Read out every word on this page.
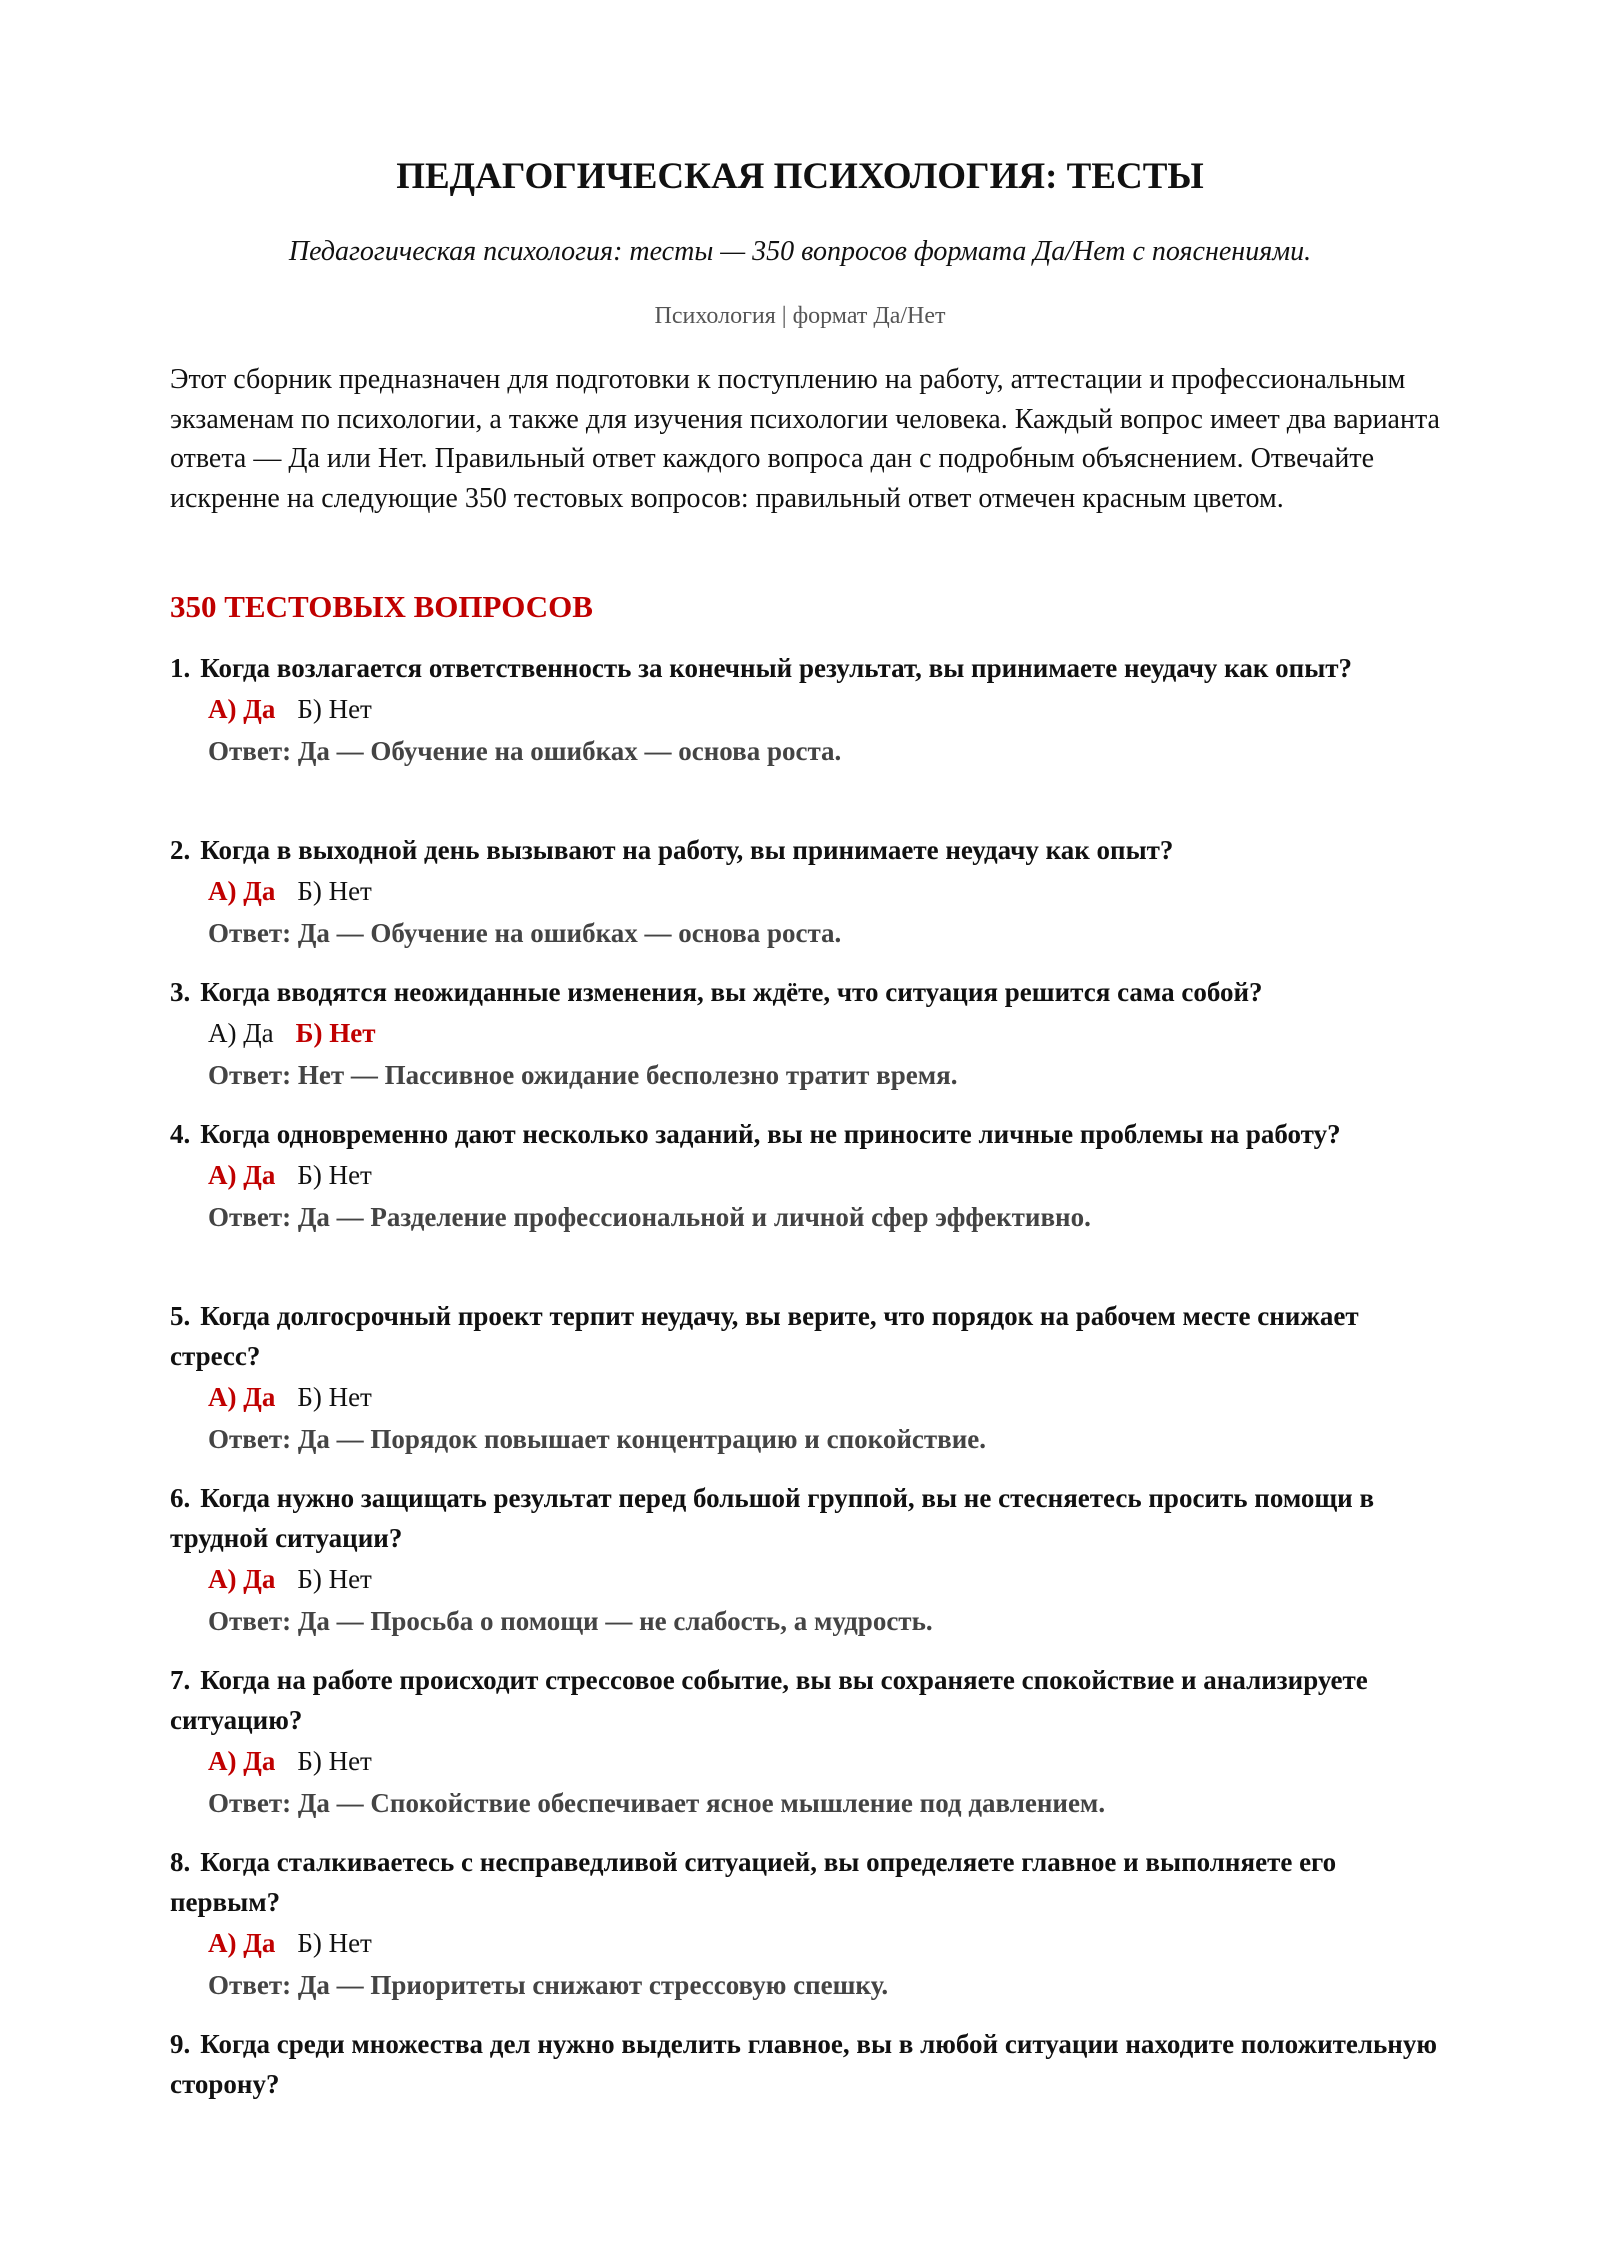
ПЕДАГОГИЧЕСКАЯ ПСИХОЛОГИЯ: ТЕСТЫ

Педагогическая психология: тесты — 350 вопросов формата Да/Нет с пояснениями.

Психология | формат Да/Нет

Этот сборник предназначен для подготовки к поступлению на работу, аттестации и профессиональным экзаменам по психологии, а также для изучения психологии человека. Каждый вопрос имеет два варианта ответа — Да или Нет. Правильный ответ каждого вопроса дан с подробным объяснением. Отвечайте искренне на следующие 350 тестовых вопросов: правильный ответ отмечен красным цветом.

350 ТЕСТОВЫХ ВОПРОСОВ

1. Когда возлагается ответственность за конечный результат, вы принимаете неудачу как опыт?

А) Да Б) Нет

Ответ: Да — Обучение на ошибках — основа роста.

2. Когда в выходной день вызывают на работу, вы принимаете неудачу как опыт?

А) Да Б) Нет

Ответ: Да — Обучение на ошибках — основа роста.

3. Когда вводятся неожиданные изменения, вы ждёте, что ситуация решится сама собой?

А) Да Б) Нет

Ответ: Нет — Пассивное ожидание бесполезно тратит время.

4. Когда одновременно дают несколько заданий, вы не приносите личные проблемы на работу?

А) Да Б) Нет

Ответ: Да — Разделение профессиональной и личной сфер эффективно.

5. Когда долгосрочный проект терпит неудачу, вы верите, что порядок на рабочем месте снижает стресс?

А) Да Б) Нет

Ответ: Да — Порядок повышает концентрацию и спокойствие.

6. Когда нужно защищать результат перед большой группой, вы не стесняетесь просить помощи в трудной ситуации?

А) Да Б) Нет

Ответ: Да — Просьба о помощи — не слабость, а мудрость.

7. Когда на работе происходит стрессовое событие, вы вы сохраняете спокойствие и анализируете ситуацию?

А) Да Б) Нет

Ответ: Да — Спокойствие обеспечивает ясное мышление под давлением.

8. Когда сталкиваетесь с несправедливой ситуацией, вы определяете главное и выполняете его первым?

А) Да Б) Нет

Ответ: Да — Приоритеты снижают стрессовую спешку.

9. Когда среди множества дел нужно выделить главное, вы в любой ситуации находите положительную сторону?
